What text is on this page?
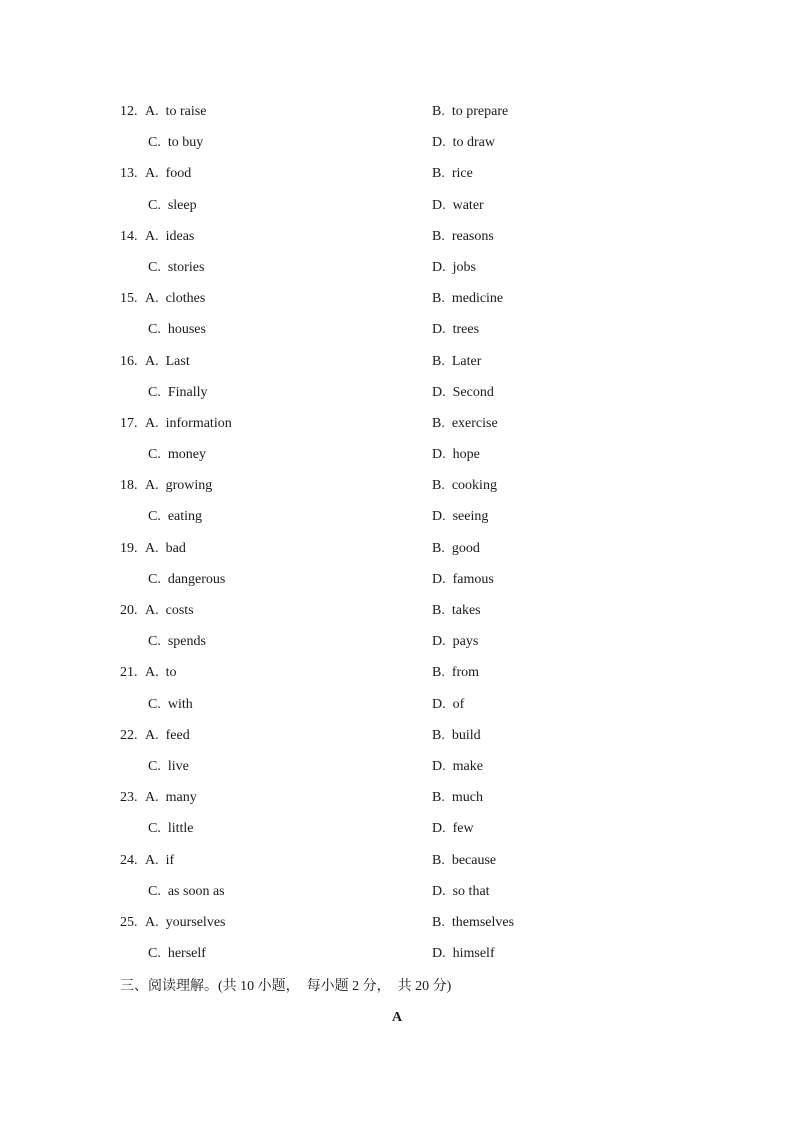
12. A.  to raise	B.  to prepare
C.  to buy	D.  to draw
13. A.  food	B.  rice
C.  sleep	D.  water
14. A.  ideas	B.  reasons
C.  stories	D.  jobs
15. A.  clothes	B.  medicine
C.  houses	D.  trees
16. A.  Last	B.  Later
C.  Finally	D.  Second
17. A.  information	B.  exercise
C.  money	D.  hope
18. A.  growing	B.  cooking
C.  eating	D.  seeing
19. A.  bad	B.  good
C.  dangerous	D.  famous
20. A.  costs	B.  takes
C.  spends	D.  pays
21. A.  to	B.  from
C.  with	D.  of
22. A.  feed	B.  build
C.  live	D.  make
23. A.  many	B.  much
C.  little	D.  few
24. A.  if	B.  because
C.  as soon as	D.  so that
25. A.  yourselves	B.  themselves
C.  herself	D.  himself
三、阅读理解。(共 10 小题，  每小题 2 分，  共 20 分)
A
